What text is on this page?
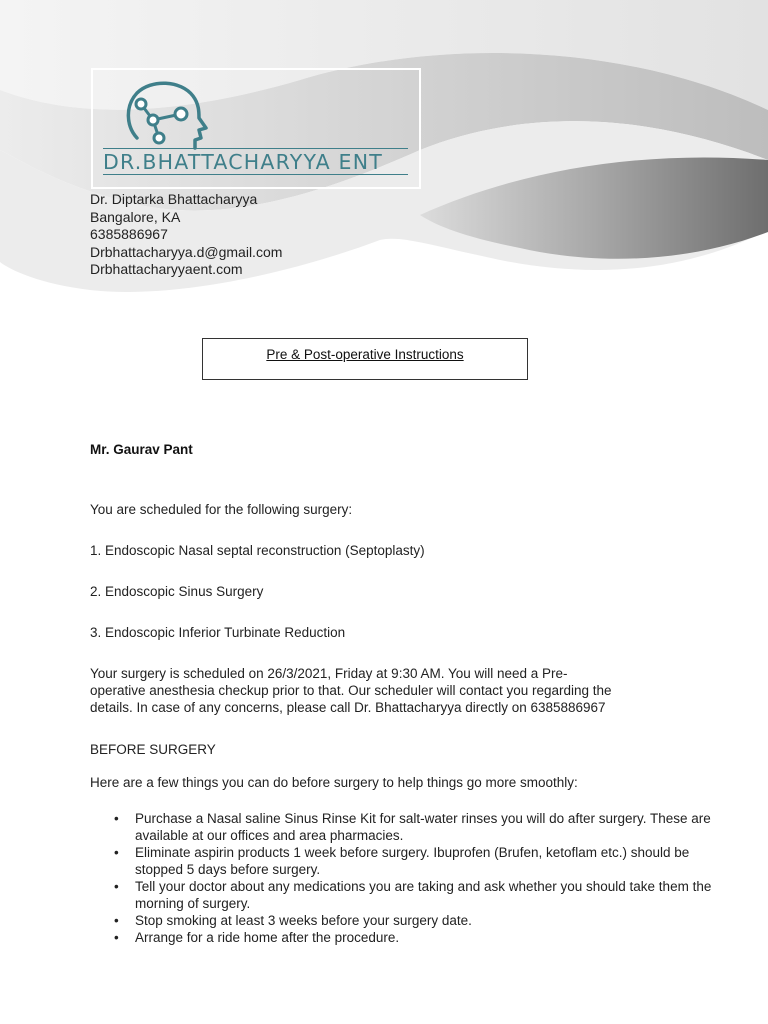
DR.BHATTACHARYYA ENT
Dr. Diptarka Bhattacharyya
Bangalore, KA
6385886967
Drbhattacharyya.d@gmail.com
Drbhattacharyyaent.com
Pre & Post-operative Instructions
Mr. Gaurav Pant
You are scheduled for the following surgery:
1. Endoscopic Nasal septal reconstruction (Septoplasty)
2. Endoscopic Sinus Surgery
3. Endoscopic Inferior Turbinate Reduction
Your surgery is scheduled on 26/3/2021, Friday at 9:30 AM. You will need a Pre-
operative anesthesia checkup prior to that. Our scheduler will contact you regarding the
details. In case of any concerns, please call Dr. Bhattacharyya directly on 6385886967
BEFORE SURGERY
Here are a few things you can do before surgery to help things go more smoothly:
• Purchase a Nasal saline Sinus Rinse Kit for salt-water rinses you will do after surgery. These are available at our offices and area pharmacies.
• Eliminate aspirin products 1 week before surgery. Ibuprofen (Brufen, ketoflam etc.) should be stopped 5 days before surgery.
• Tell your doctor about any medications you are taking and ask whether you should take them the morning of surgery.
• Stop smoking at least 3 weeks before your surgery date.
• Arrange for a ride home after the procedure.
